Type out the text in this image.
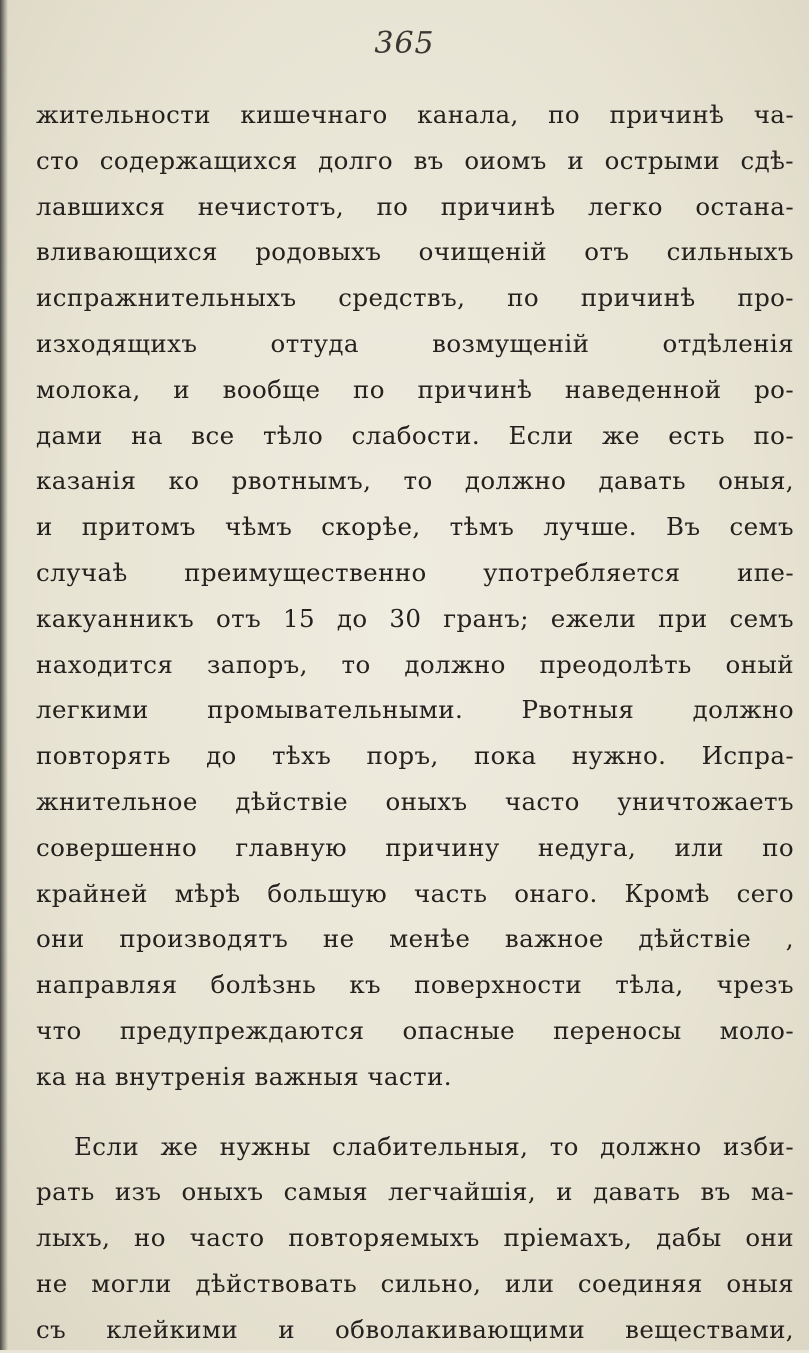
365
жительности кишечнаго канала, по причинѣ ча-
сто содержащихся долго въ оиомъ и острыми сдѣ-
лавшихся нечистотъ, по причинѣ легко остана-
вливающихся родовыхъ очищеній отъ сильныхъ
испражнительныхъ средствъ, по причинѣ про-
изходящихъ оттуда возмущеній отдѣленія
молока, и вообще по причинѣ наведенной ро-
дами на все тѣло слабости. Если же есть по-
казанія ко рвотнымъ, то должно давать оныя,
и притомъ чѣмъ скорѣе, тѣмъ лучше. Въ семъ
случаѣ преимущественно употребляется ипе-
какуанникъ отъ 15 до 30 гранъ; ежели при семъ
находится запоръ, то должно преодолѣть оный
легкими промывательными. Рвотныя должно
повторять до тѣхъ поръ, пока нужно. Испра-
жнительное дѣйствіе оныхъ часто уничтожаетъ
совершенно главную причину недуга, или по
крайней мѣрѣ большую часть онаго. Кромѣ сего
они производятъ не менѣе важное дѣйствіе ,
направляя болѣзнь къ поверхности тѣла, чрезъ
что предупреждаются опасные переносы моло-
ка на внутренія важныя части.
Если же нужны слабительныя, то должно изби-
рать изъ оныхъ самыя легчайшія, и давать въ ма-
лыхъ, но часто повторяемыхъ пріемахъ, дабы они
не могли дѣйствовать сильно, или соединяя оныя
съ клейкими и обволакивающими веществами,
